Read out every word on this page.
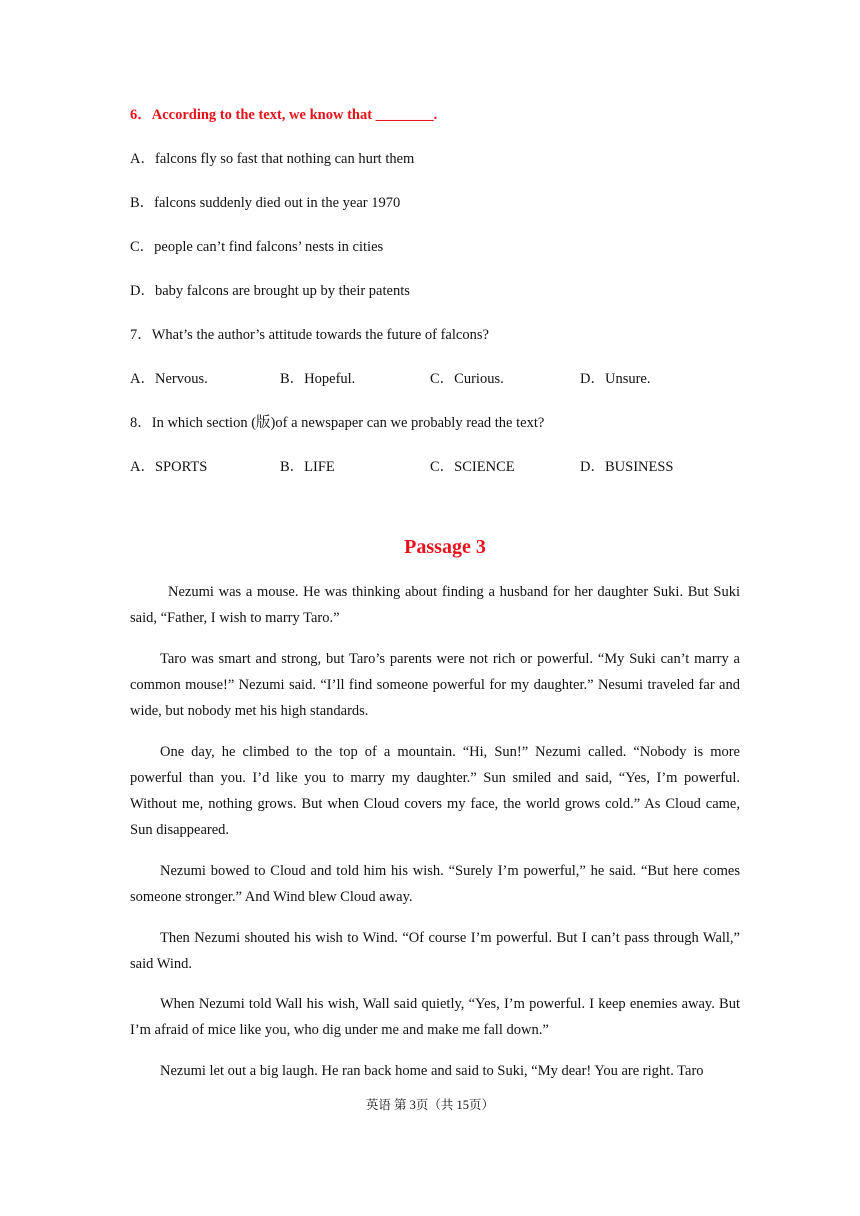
6．According to the text, we know that ________.
A．falcons fly so fast that nothing can hurt them
B．falcons suddenly died out in the year 1970
C．people can’t find falcons’ nests in cities
D．baby falcons are brought up by their patents
7．What’s the author’s attitude towards the future of falcons?
A．Nervous.	B．Hopeful.	C．Curious.	D．Unsure.
8．In which section (版)of a newspaper can we probably read the text?
A．SPORTS	B．LIFE	C．SCIENCE	D．BUSINESS
Passage 3

Nezumi was a mouse. He was thinking about finding a husband for her daughter Suki. But Suki said, “Father, I wish to marry Taro.”

Taro was smart and strong, but Taro’s parents were not rich or powerful. “My Suki can’t marry a common mouse!” Nezumi said. “I’ll find someone powerful for my daughter.” Nesumi traveled far and wide, but nobody met his high standards.

One day, he climbed to the top of a mountain. “Hi, Sun!” Nezumi called. “Nobody is more powerful than you. I’d like you to marry my daughter.” Sun smiled and said, “Yes, I’m powerful. Without me, nothing grows. But when Cloud covers my face, the world grows cold.” As Cloud came, Sun disappeared.

Nezumi bowed to Cloud and told him his wish. “Surely I’m powerful,” he said. “But here comes someone stronger.” And Wind blew Cloud away.

Then Nezumi shouted his wish to Wind. “Of course I’m powerful. But I can’t pass through Wall,” said Wind.

When Nezumi told Wall his wish, Wall said quietly, “Yes, I’m powerful. I keep enemies away. But I’m afraid of mice like you, who dig under me and make me fall down.”

Nezumi let out a big laugh. He ran back home and said to Suki, “My dear! You are right. Taro

英语 第 3页（共 15页）
